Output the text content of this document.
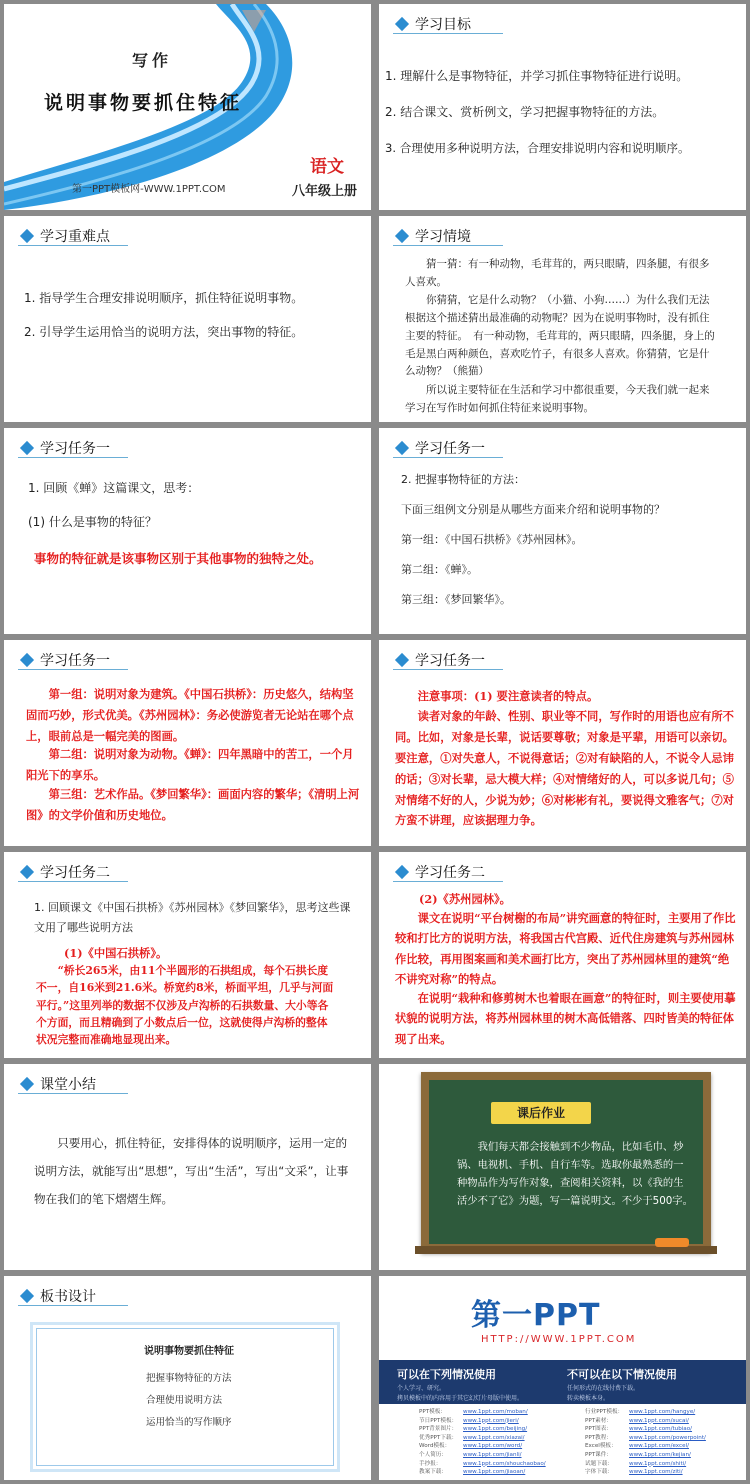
写作
说明事物要抓住特征
语文
八年级上册
第一PPT模板网-WWW.1PPT.COM
学习目标
1. 理解什么是事物特征，并学习抓住事物特征进行说明。
2. 结合课文、赏析例文，学习把握事物特征的方法。
3. 合理使用多种说明方法，合理安排说明内容和说明顺序。
学习重难点
1. 指导学生合理安排说明顺序，抓住特征说明事物。
2. 引导学生运用恰当的说明方法，突出事物的特征。
学习情境
猜一猜：有一种动物，毛茸茸的，两只眼睛，四条腿，有很多人喜欢。
你猜猜，它是什么动物？（小猫、小狗……）为什么我们无法根据这个描述猜出最准确的动物呢？因为在说明事物时，没有抓住主要的特征。　有一种动物，毛茸茸的，两只眼睛，四条腿，身上的毛是黑白两种颜色，喜欢吃竹子，有很多人喜欢。你猜猜，它是什么动物？（熊猫）
所以说主要特征在生活和学习中都很重要，今天我们就一起来学习在写作时如何抓住特征来说明事物。
学习任务一
1. 回顾《蝉》这篇课文，思考：
(1) 什么是事物的特征？
事物的特征就是该事物区别于其他事物的独特之处。
学习任务一
2. 把握事物特征的方法：
下面三组例文分别是从哪些方面来介绍和说明事物的？
第一组：《中国石拱桥》《苏州园林》。
第二组：《蝉》。
第三组：《梦回繁华》。
学习任务一
第一组：说明对象为建筑。《中国石拱桥》：历史悠久，结构坚固而巧妙，形式优美。《苏州园林》：务必使游览者无论站在哪个点上，眼前总是一幅完美的图画。
第二组：说明对象为动物。《蝉》：四年黑暗中的苦工，一个月阳光下的享乐。
第三组：艺术作品。《梦回繁华》：画面内容的繁华；《清明上河图》的文学价值和历史地位。
学习任务一
注意事项：(1) 要注意读者的特点。
读者对象的年龄、性别、职业等不同，写作时的用语也应有所不同。比如，对象是长辈，说话要尊敬；对象是平辈，用语可以亲切。要注意，①对失意人，不说得意话；②对有缺陷的人，不说令人忌讳的话；③对长辈，忌大模大样；④对情绪好的人，可以多说几句；⑤对情绪不好的人，少说为妙；⑥对彬彬有礼，要说得文雅客气；⑦对方蛮不讲理，应该据理力争。
学习任务二
1. 回顾课文《中国石拱桥》《苏州园林》《梦回繁华》，思考这些课文用了哪些说明方法
(1)《中国石拱桥》。
“桥长265米，由11个半圆形的石拱组成，每个石拱长度不一，自16米到21.6米。桥宽约8米，桥面平坦，几乎与河面平行。”这里列举的数据不仅涉及卢沟桥的石拱数量、大小等各个方面，而且精确到了小数点后一位，这就使得卢沟桥的整体状况完整而准确地显现出来。
学习任务二
(2)《苏州园林》。
课文在说明“平台树榭的布局”讲究画意的特征时，主要用了作比较和打比方的说明方法，将我国古代宫殿、近代住房建筑与苏州园林作比较，再用图案画和美术画打比方，突出了苏州园林里的建筑“绝不讲究对称”的特点。
在说明“栽种和修剪树木也着眼在画意”的特征时，则主要使用摹状貌的说明方法，将苏州园林里的树木高低错落、四时皆美的特征体现了出来。
课堂小结
只要用心，抓住特征，安排得体的说明顺序，运用一定的说明方法，就能写出“思想”，写出“生活”，写出“文采”，让事物在我们的笔下熠熠生辉。
课后作业
我们每天都会接触到不少物品，比如毛巾、炒锅、电视机、手机、自行车等。选取你最熟悉的一种物品作为写作对象，查阅相关资料，以《我的生活少不了它》为题，写一篇说明文。不少于500字。
板书设计
说明事物要抓住特征
把握事物特征的方法
合理使用说明方法
运用恰当的写作顺序
第一PPT
HTTP://WWW.1PPT.COM
可以在下列情况使用
个人学习、研究。
拷贝模板中的内容用于其它幻灯片母版中使用。
不可以在以下情况使用
任何形式的在线付费下载。
转卖模板本身。
PPT模板：	www.1ppt.com/moban/
节日PPT模板： www.1ppt.com/jieri/
PPT背景图片： www.1ppt.com/beijing/
优秀PPT下载： www.1ppt.com/xiazai/
Word模板： www.1ppt.com/word/
个人简历：	www.1ppt.com/jianli/
手抄报：	www.1ppt.com/shouchaobao/
教案下载：	www.1ppt.com/jiaoan/
行业PPT模板： www.1ppt.com/hangye/
PPT素材：	www.1ppt.com/sucai/
PPT图表：	www.1ppt.com/tubiao/
PPT教程：	www.1ppt.com/powerpoint/
Excel模板： www.1ppt.com/excel/
PPT课件：	www.1ppt.com/kejian/
试题下载：	www.1ppt.com/shiti/
字体下载：	www.1ppt.com/ziti/
